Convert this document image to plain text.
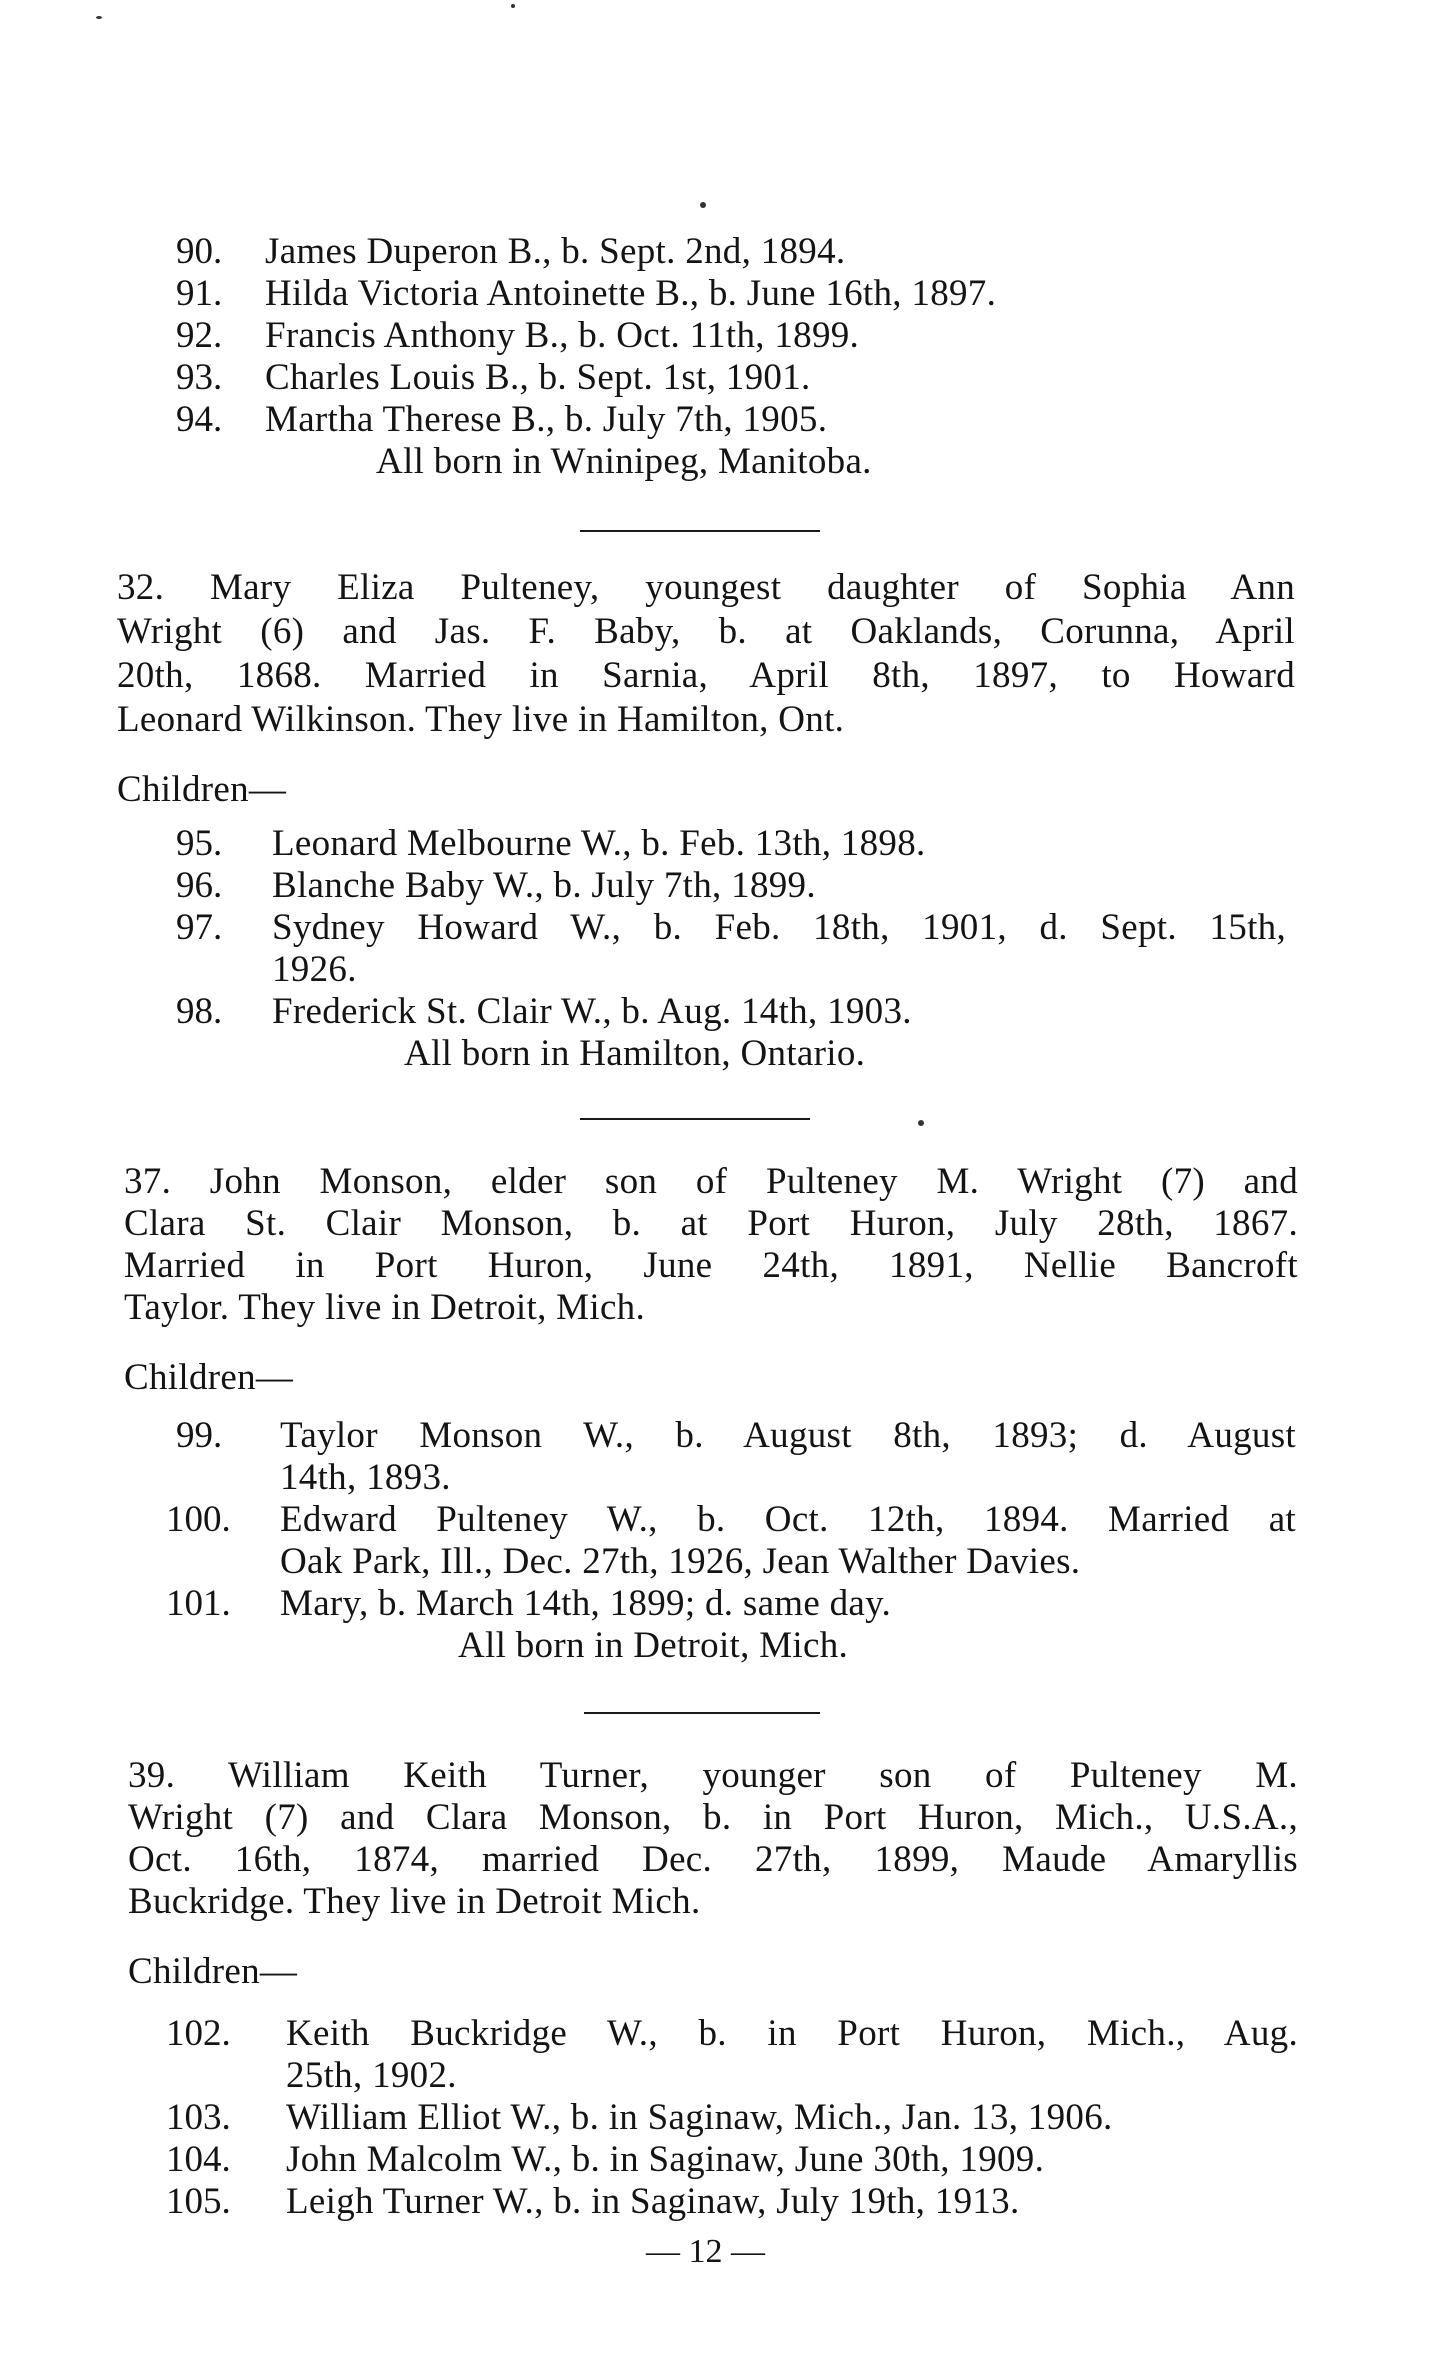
90. James Duperon B., b. Sept. 2nd, 1894.
91. Hilda Victoria Antoinette B., b. June 16th, 1897.
92. Francis Anthony B., b. Oct. 11th, 1899.
93. Charles Louis B., b. Sept. 1st, 1901.
94. Martha Therese B., b. July 7th, 1905.
All born in Wninipeg, Manitoba.
32. Mary Eliza Pulteney, youngest daughter of Sophia Ann
Wright (6) and Jas. F. Baby, b. at Oaklands, Corunna, April
20th, 1868. Married in Sarnia, April 8th, 1897, to Howard
Leonard Wilkinson. They live in Hamilton, Ont.
Children—
95. Leonard Melbourne W., b. Feb. 13th, 1898.
96. Blanche Baby W., b. July 7th, 1899.
97. Sydney Howard W., b. Feb. 18th, 1901, d. Sept. 15th,
1926.
98. Frederick St. Clair W., b. Aug. 14th, 1903.
All born in Hamilton, Ontario.
37. John Monson, elder son of Pulteney M. Wright (7) and
Clara St. Clair Monson, b. at Port Huron, July 28th, 1867.
Married in Port Huron, June 24th, 1891, Nellie Bancroft
Taylor. They live in Detroit, Mich.
Children—
99. Taylor Monson W., b. August 8th, 1893; d. August
14th, 1893.
100. Edward Pulteney W., b. Oct. 12th, 1894. Married at
Oak Park, Ill., Dec. 27th, 1926, Jean Walther Davies.
101. Mary, b. March 14th, 1899; d. same day.
All born in Detroit, Mich.
39. William Keith Turner, younger son of Pulteney M.
Wright (7) and Clara Monson, b. in Port Huron, Mich., U.S.A.,
Oct. 16th, 1874, married Dec. 27th, 1899, Maude Amaryllis
Buckridge. They live in Detroit Mich.
Children—
102. Keith Buckridge W., b. in Port Huron, Mich., Aug.
25th, 1902.
103. William Elliot W., b. in Saginaw, Mich., Jan. 13, 1906.
104. John Malcolm W., b. in Saginaw, June 30th, 1909.
105. Leigh Turner W., b. in Saginaw, July 19th, 1913.
— 12 —
